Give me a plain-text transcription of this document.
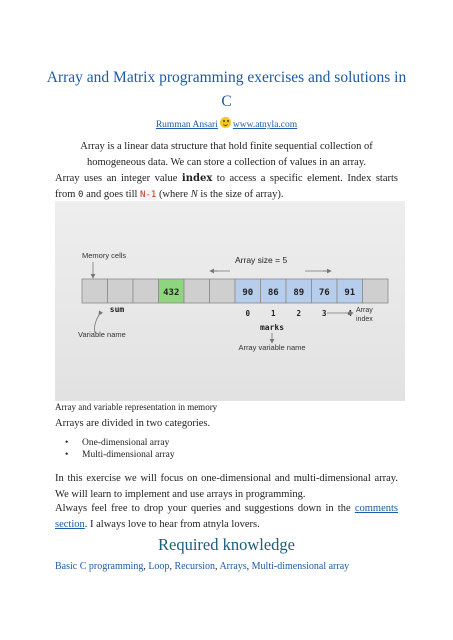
Array and Matrix programming exercises and solutions in C
Rumman Ansari www.atnyla.com
Array is a linear data structure that hold finite sequential collection of homogeneous data. We can store a collection of values in an array.
Array uses an integer value index to access a specific element. Index starts from 0 and goes till N-1 (where N is the size of array).
432	90 86 89 76 91
Memory cells	Array size = 5
sum
Variable name
0	1	2	3	4 Array
index
marks
Array variable name
Array and variable representation in memory
Arrays are divided in two categories.
• One-dimensional array
• Multi-dimensional array
In this exercise we will focus on one-dimensional and multi-dimensional array. We will learn to implement and use arrays in programming.
Always feel free to drop your queries and suggestions down in the comments section. I always love to hear from atnyla lovers.
Required knowledge
Basic C programming, Loop, Recursion, Arrays, Multi-dimensional array
